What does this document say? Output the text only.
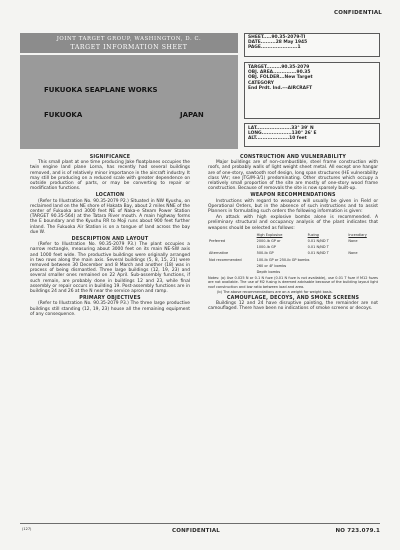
CONFIDENTIAL
JOINT TARGET GROUP, WASHINGTON, D. C.
TARGET INFORMATION SHEET
SHEET.....90.35-2079-TI
DATE.........28 May 1945
PAGE......................1
FUKUOKA SEAPLANE WORKS
FUKUOKA	JAPAN
TARGET.........90.35-2079
OBJ. AREA..............90.35
OBJ. FOLDER...New Target
CATEGORY
End Prdt. Ind.---AIRCRAFT
LAT.....................33° 39' N
LONG..................130° 26' E
ALT....................10 feet
SIGNIFICANCE

This small plant at one time producing Jake floatplanes occupies the twin engine land plane Lorna, has recently had several buildings removed, and is of relatively minor importance in the aircraft industry. It may still be producing on a reduced scale with greater dependence on outside production of parts, or may be converting to repair or modification functions.

LOCATION

(Refer to Illustration No. 90.35-2079 P2.) Situated in NW Kyushu, on reclaimed land on the NE shore of Hakata Bay, about 2 miles NNE of the center of Fukuoka and 3000 feet NE of Naka-e Steam Power Station (TARGET 90.35-564) at the Tatara River mouth. A main highway forms the E boundary and the Kyushu RR to Moji runs about 900 feet further inland. The Fukuoka Air Station is on a tongue of land across the bay due W.

DESCRIPTION AND LAYOUT

(Refer to Illustration No. 90.35-2079 P3.) The plant occupies a narrow rectangle, measuring about 3000 feet on its main NE-SW axis and 1000 feet wide. The productive buildings were originally arranged in two rows along the main axis. Several buildings (5, 8, 15, 21) were removed between 30 December and 8 March and another (18) was in process of being dismantled. Three large buildings (12, 19, 23) and several smaller ones remained on 22 April. Sub-assembly functions, if such remain, are probably done in buildings 12 and 23, while final assembly or repair occurs in building 19. Post-assembly functions are in buildings 24 and 26 at the N near the service apron and ramp.

PRIMARY OBJECTIVES

(Refer to Illustration No. 90.35-2079 P3.) The three large productive buildings still standing (12, 19, 23) house all the remaining equipment of any consequence.

CONSTRUCTION AND VULNERABILITY

Major buildings are of non-combustible, steel frame construction with roofs, and probably walls of light weight sheet metal. All except one hangar are of one-story, sawtooth roof design, long span structures (HE vulnerability class VAr; see JTG/M-3/1) predominating. Other structures which occupy a relatively small proportion of the site are mostly of one-story wood frame construction. Because of removals the site is now sparsely built-up.

WEAPON RECOMMENDATIONS

Instructions with regard to weapons will usually be given in Field or Operational Orders, but in the absence of such instructions and to assist Planners in formulating such orders the following information is given:

An attack with high explosive bombs alone is recommended. A preliminary structural and occupancy analysis of the plant indicates that weapons should be selected as follows:

	High Explosive	Fuzing	Incendiary
Preferred	2000-lb GP or	0.01 N/ND T	None
	1000-lb GP	0.01 N/ND T	
Alternative	500-lb GP	0.01 N/ND T	None
Not recommended	100-lb GP or 250-lb GP bombs		
	260 or 4F bombs		
	Depth bombs		

Notes: (a) Use 0.025 N or 0.1 N fuze (0.01 N fuze is not available), use 0.01 T fuze if M12 fuzes are not available. The use of M2 fusing is deemed advisable because of the building layout light roof construction and low ratio between load and area.

(b) The above recommendations are on a weight for weight basis.

CAMOUFLAGE, DECOYS, AND SMOKE SCREENS

Buildings 12 and 24 have disruptive painting, the remainder are not camouflaged. There have been no indications of smoke screens or decoys.

(127)	CONFIDENTIAL	NO 723.079.1
